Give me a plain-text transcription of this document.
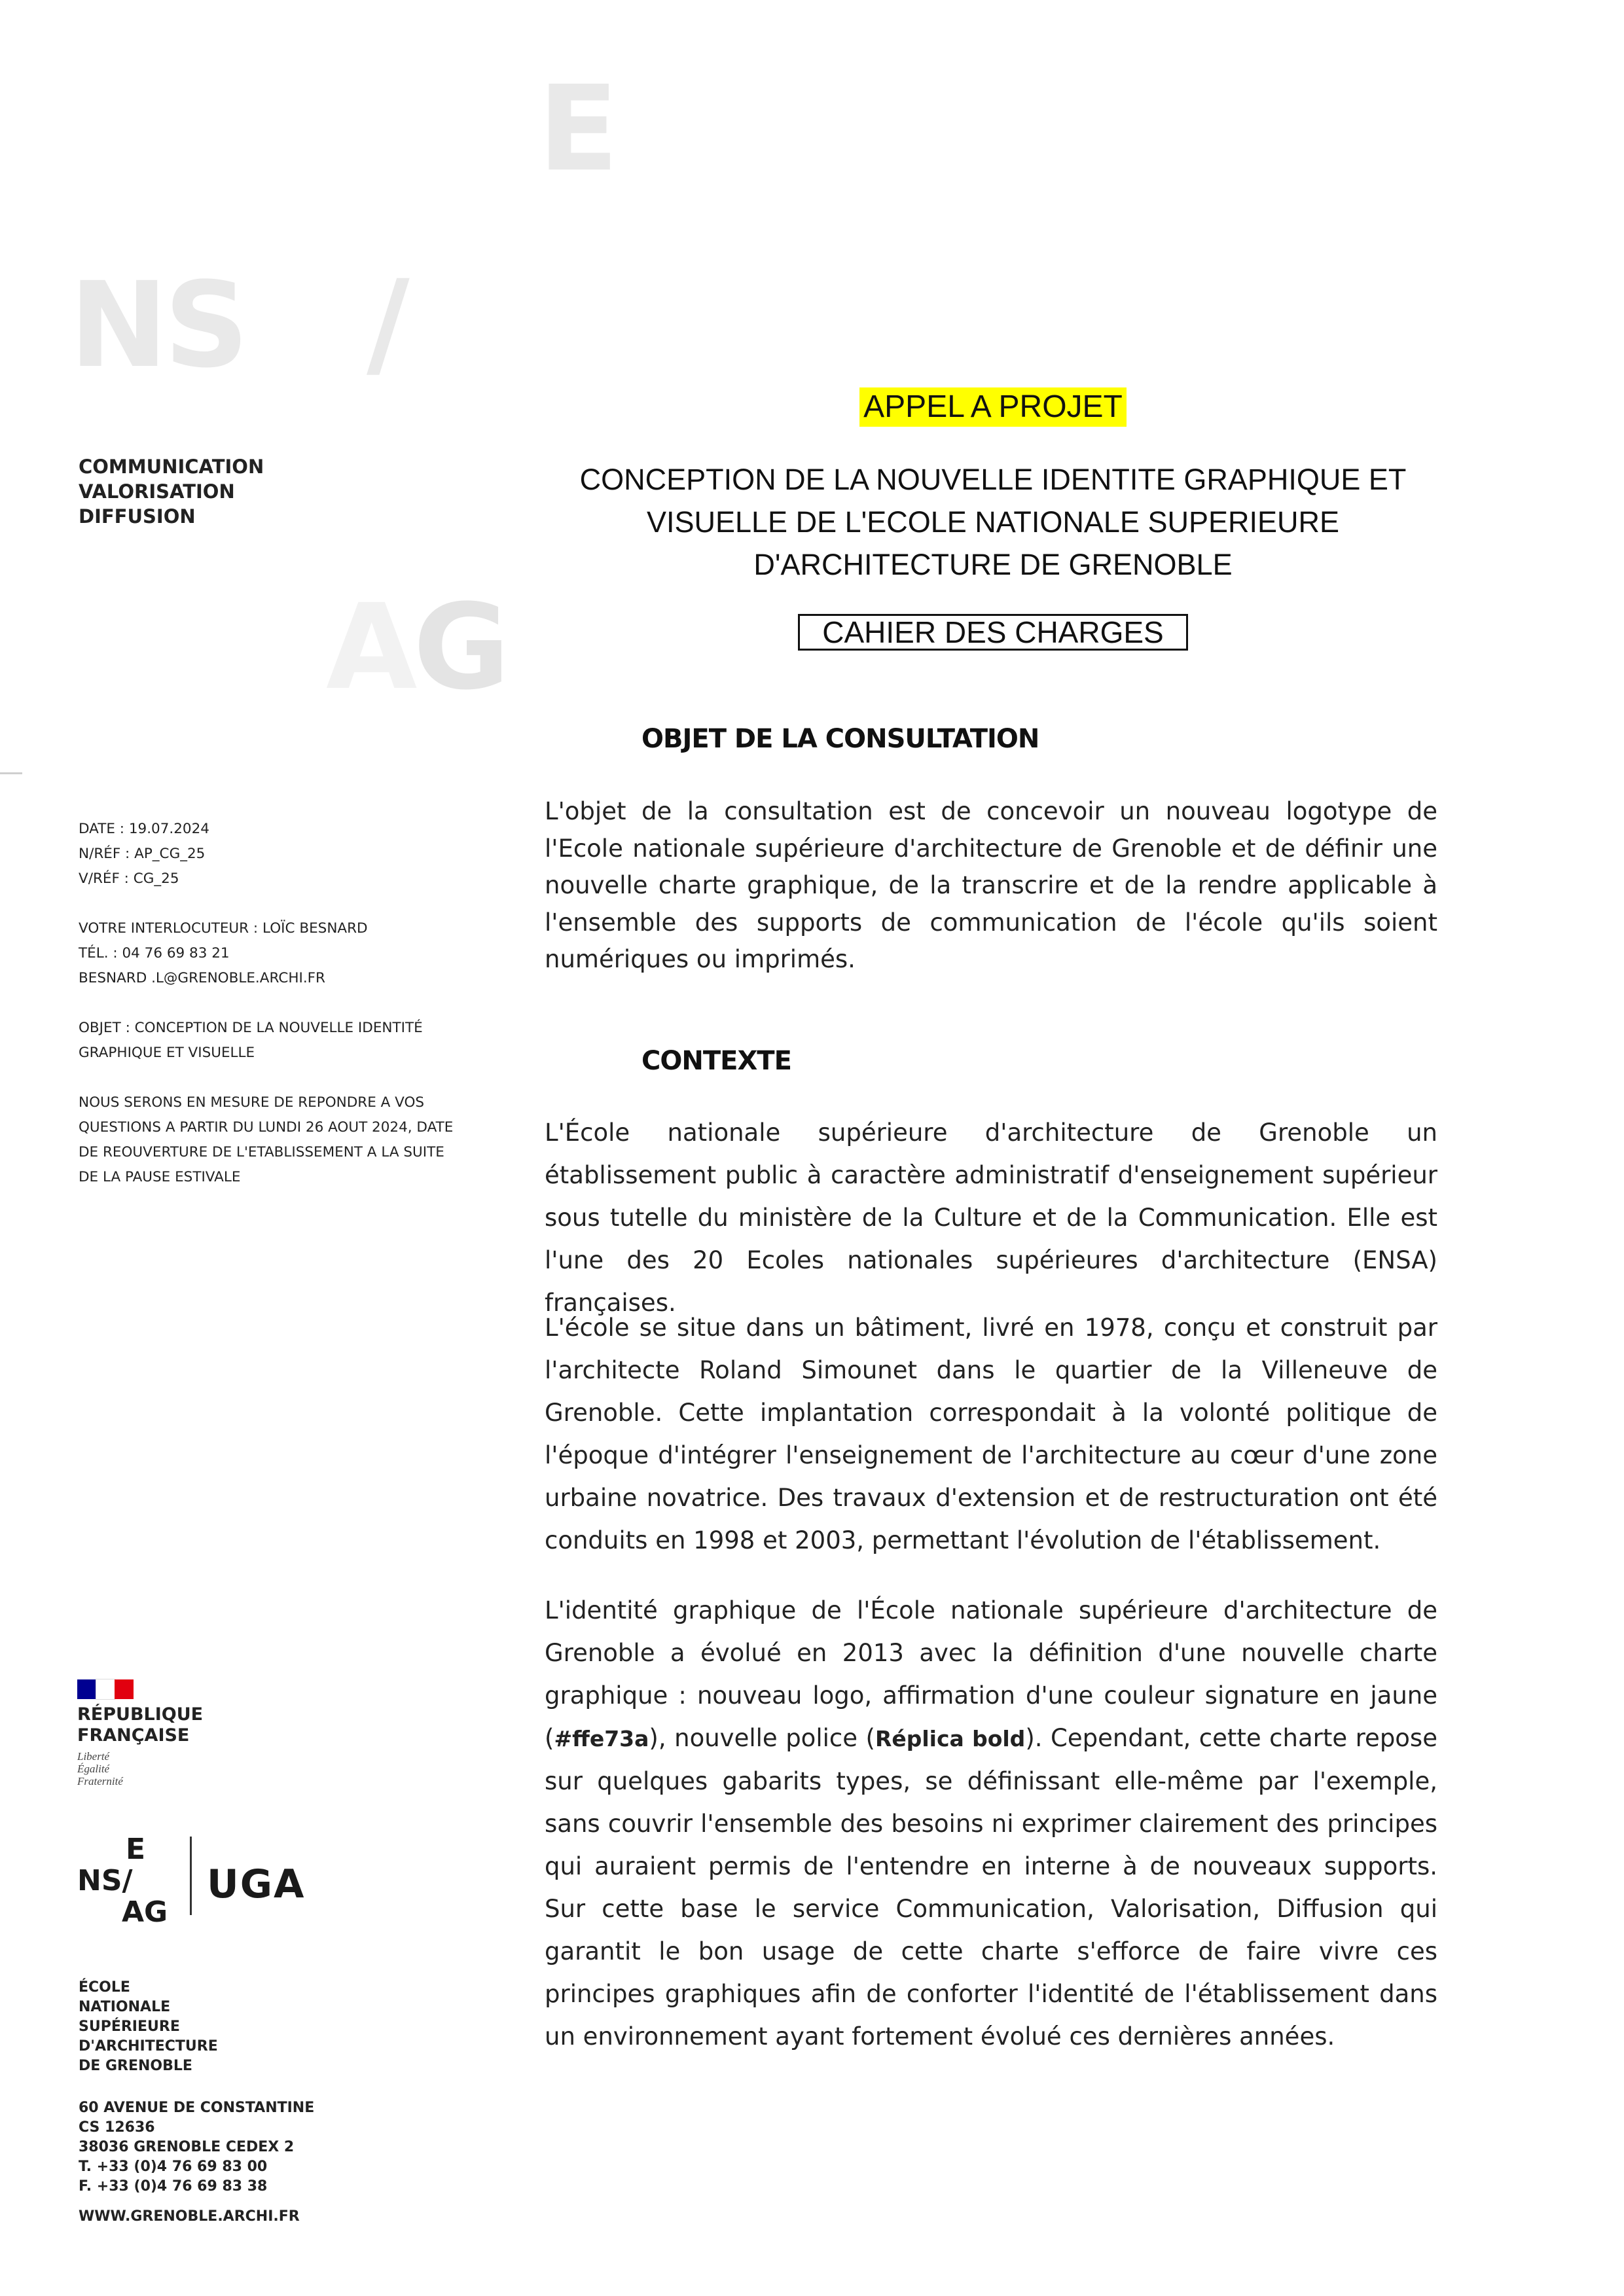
E
NS /
AG
COMMUNICATION
VALORISATION
DIFFUSION
DATE : 19.07.2024
N/RÉF : AP_CG_25
V/RÉF : CG_25
VOTRE INTERLOCUTEUR : LOÏC BESNARD
TÉL. : 04 76 69 83 21
BESNARD .L@GRENOBLE.ARCHI.FR
OBJET : CONCEPTION DE LA NOUVELLE IDENTITÉ
GRAPHIQUE ET VISUELLE
NOUS SERONS EN MESURE DE REPONDRE A VOS
QUESTIONS A PARTIR DU LUNDI 26 AOUT 2024, DATE
DE REOUVERTURE DE L'ETABLISSEMENT A LA SUITE
DE LA PAUSE ESTIVALE
RÉPUBLIQUE
FRANÇAISE
Liberté
Égalité
Fraternité
E
NS/
AG
UGA
ÉCOLE
NATIONALE
SUPÉRIEURE
D'ARCHITECTURE
DE GRENOBLE
60 AVENUE DE CONSTANTINE
CS 12636
38036 GRENOBLE CEDEX 2
T. +33 (0)4 76 69 83 00
F. +33 (0)4 76 69 83 38
WWW.GRENOBLE.ARCHI.FR
APPEL A PROJET
CONCEPTION DE LA NOUVELLE IDENTITE GRAPHIQUE ET
VISUELLE DE L'ECOLE NATIONALE SUPERIEURE
D'ARCHITECTURE DE GRENOBLE
CAHIER DES CHARGES
OBJET DE LA CONSULTATION
L'objet de la consultation est de concevoir un nouveau logotype de l'Ecole nationale supérieure d'architecture de Grenoble et de définir une nouvelle charte graphique, de la transcrire et de la rendre applicable à l'ensemble des supports de communication de l'école qu'ils soient numériques ou imprimés.
CONTEXTE
L'École nationale supérieure d'architecture de Grenoble un établissement public à caractère administratif d'enseignement supérieur sous tutelle du ministère de la Culture et de la Communication. Elle est l'une des 20 Ecoles nationales supérieures d'architecture (ENSA) françaises.
L'école se situe dans un bâtiment, livré en 1978, conçu et construit par l'architecte Roland Simounet dans le quartier de la Villeneuve de Grenoble. Cette implantation correspondait à la volonté politique de l'époque d'intégrer l'enseignement de l'architecture au cœur d'une zone urbaine novatrice. Des travaux d'extension et de restructuration ont été conduits en 1998 et 2003, permettant l'évolution de l'établissement.
L'identité graphique de l'École nationale supérieure d'architecture de Grenoble a évolué en 2013 avec la définition d'une nouvelle charte graphique : nouveau logo, affirmation d'une couleur signature en jaune (#ffe73a), nouvelle police (Réplica bold). Cependant, cette charte repose sur quelques gabarits types, se définissant elle-même par l'exemple, sans couvrir l'ensemble des besoins ni exprimer clairement des principes qui auraient permis de l'entendre en interne à de nouveaux supports. Sur cette base le service Communication, Valorisation, Diffusion qui garantit le bon usage de cette charte s'efforce de faire vivre ces principes graphiques afin de conforter l'identité de l'établissement dans un environnement ayant fortement évolué ces dernières années.
